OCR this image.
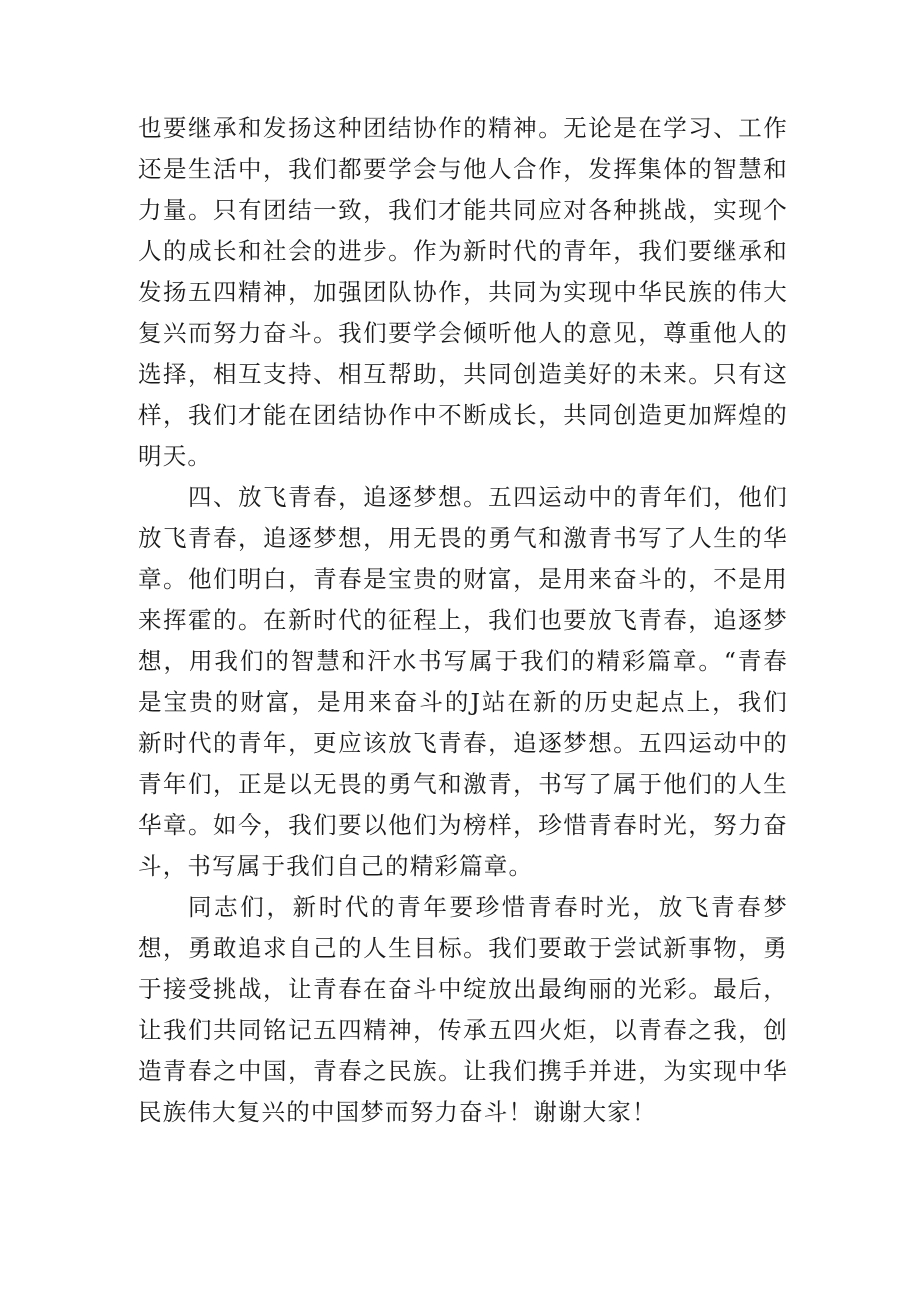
也要继承和发扬这种团结协作的精神。无论是在学习、工作还是生活中，我们都要学会与他人合作，发挥集体的智慧和力量。只有团结一致，我们才能共同应对各种挑战，实现个人的成长和社会的进步。作为新时代的青年，我们要继承和发扬五四精神，加强团队协作，共同为实现中华民族的伟大复兴而努力奋斗。我们要学会倾听他人的意见，尊重他人的选择，相互支持、相互帮助，共同创造美好的未来。只有这样，我们才能在团结协作中不断成长，共同创造更加辉煌的明天。

四、放飞青春，追逐梦想。五四运动中的青年们，他们放飞青春，追逐梦想，用无畏的勇气和激青书写了人生的华章。他们明白，青春是宝贵的财富，是用来奋斗的，不是用来挥霍的。在新时代的征程上，我们也要放飞青春，追逐梦想，用我们的智慧和汗水书写属于我们的精彩篇章。“青春是宝贵的财富，是用来奋斗的J站在新的历史起点上，我们新时代的青年，更应该放飞青春，追逐梦想。五四运动中的青年们，正是以无畏的勇气和激青，书写了属于他们的人生华章。如今，我们要以他们为榜样，珍惜青春时光，努力奋斗，书写属于我们自己的精彩篇章。

同志们，新时代的青年要珍惜青春时光，放飞青春梦想，勇敢追求自己的人生目标。我们要敢于尝试新事物，勇于接受挑战，让青春在奋斗中绽放出最绚丽的光彩。最后，让我们共同铭记五四精神，传承五四火炬，以青春之我，创造青春之中国，青春之民族。让我们携手并进，为实现中华民族伟大复兴的中国梦而努力奋斗！谢谢大家！
